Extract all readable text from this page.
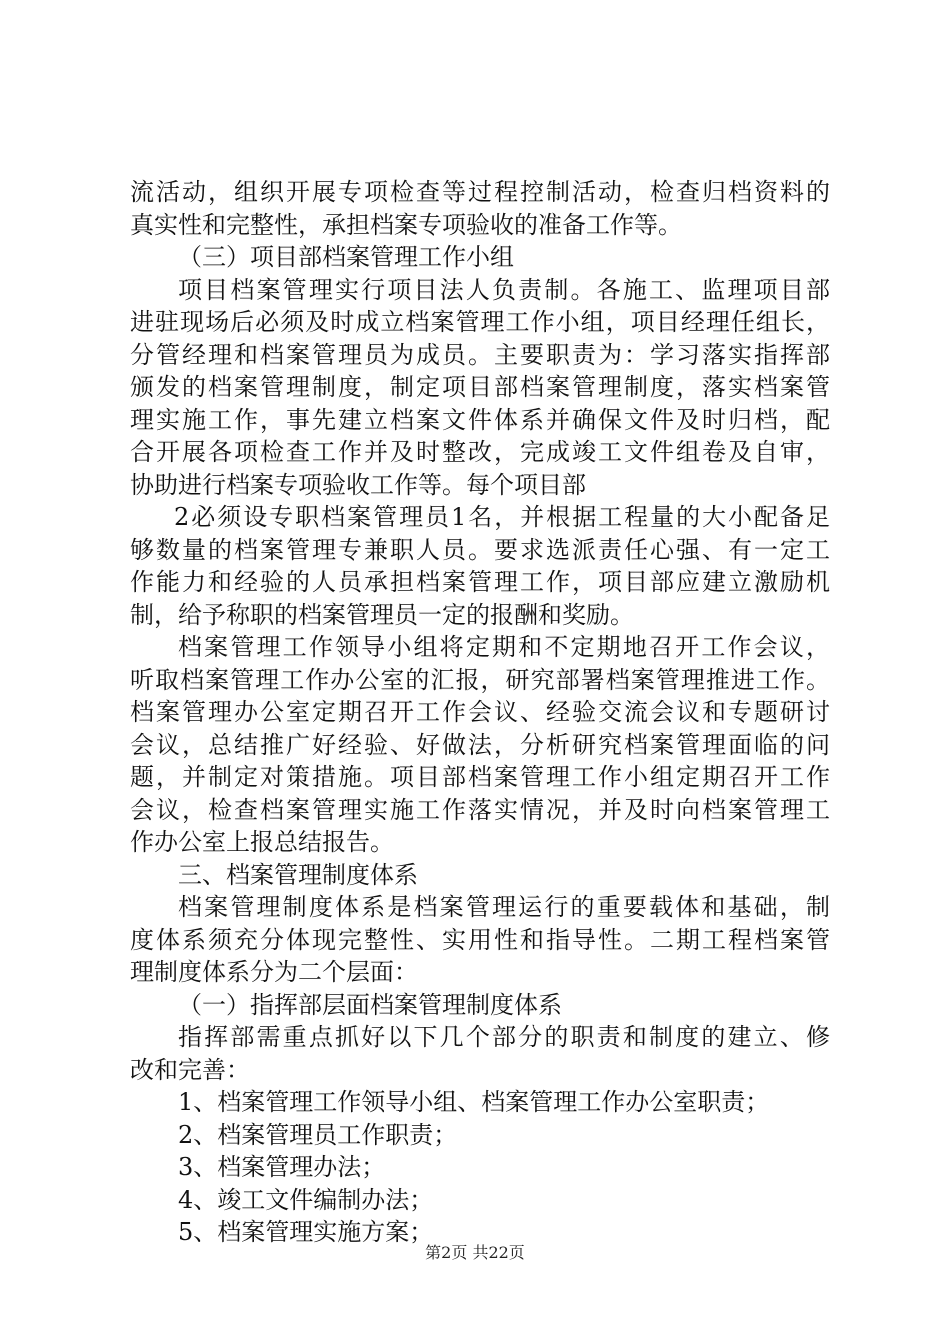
流活动，组织开展专项检查等过程控制活动，检查归档资料的
真实性和完整性，承担档案专项验收的准备工作等。
（三）项目部档案管理工作小组
项目档案管理实行项目法人负责制。各施工、监理项目部
进驻现场后必须及时成立档案管理工作小组，项目经理任组长，
分管经理和档案管理员为成员。主要职责为：学习落实指挥部
颁发的档案管理制度，制定项目部档案管理制度，落实档案管
理实施工作，事先建立档案文件体系并确保文件及时归档，配
合开展各项检查工作并及时整改，完成竣工文件组卷及自审，
协助进行档案专项验收工作等。每个项目部
2必须设专职档案管理员1名，并根据工程量的大小配备足
够数量的档案管理专兼职人员。要求选派责任心强、有一定工
作能力和经验的人员承担档案管理工作，项目部应建立激励机
制，给予称职的档案管理员一定的报酬和奖励。
档案管理工作领导小组将定期和不定期地召开工作会议，
听取档案管理工作办公室的汇报，研究部署档案管理推进工作。
档案管理办公室定期召开工作会议、经验交流会议和专题研讨
会议，总结推广好经验、好做法，分析研究档案管理面临的问
题，并制定对策措施。项目部档案管理工作小组定期召开工作
会议，检查档案管理实施工作落实情况，并及时向档案管理工
作办公室上报总结报告。
三、档案管理制度体系
档案管理制度体系是档案管理运行的重要载体和基础，制
度体系须充分体现完整性、实用性和指导性。二期工程档案管
理制度体系分为二个层面：
（一）指挥部层面档案管理制度体系
指挥部需重点抓好以下几个部分的职责和制度的建立、修
改和完善：
1、档案管理工作领导小组、档案管理工作办公室职责；
2、档案管理员工作职责；
3、档案管理办法；
4、竣工文件编制办法；
5、档案管理实施方案；
第2页 共22页
